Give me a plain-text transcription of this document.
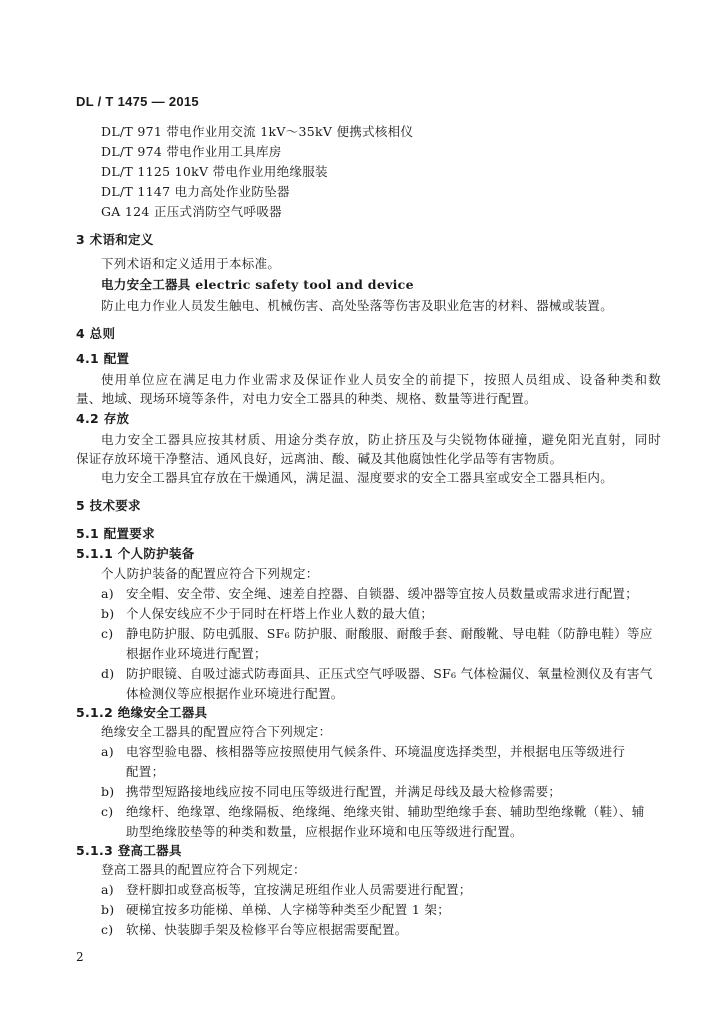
DL / T 1475 — 2015
DL/T 971 带电作业用交流 1kV～35kV 便携式核相仪
DL/T 974 带电作业用工具库房
DL/T 1125 10kV 带电作业用绝缘服装
DL/T 1147 电力高处作业防坠器
GA 124 正压式消防空气呼吸器
3 术语和定义
下列术语和定义适用于本标准。
电力安全工器具 electric safety tool and device
防止电力作业人员发生触电、机械伤害、高处坠落等伤害及职业危害的材料、器械或装置。
4 总则
4.1 配置
使用单位应在满足电力作业需求及保证作业人员安全的前提下，按照人员组成、设备种类和数
量、地域、现场环境等条件，对电力安全工器具的种类、规格、数量等进行配置。
4.2 存放
电力安全工器具应按其材质、用途分类存放，防止挤压及与尖锐物体碰撞，避免阳光直射，同时
保证存放环境干净整洁、通风良好，远离油、酸、碱及其他腐蚀性化学品等有害物质。
电力安全工器具宜存放在干燥通风，满足温、湿度要求的安全工器具室或安全工器具柜内。
5 技术要求
5.1 配置要求
5.1.1 个人防护装备
个人防护装备的配置应符合下列规定：
a) 安全帽、安全带、安全绳、速差自控器、自锁器、缓冲器等宜按人员数量或需求进行配置；
b) 个人保安线应不少于同时在杆塔上作业人数的最大值；
c) 静电防护服、防电弧服、SF₆ 防护服、耐酸服、耐酸手套、耐酸靴、导电鞋（防静电鞋）等应
根据作业环境进行配置；
d) 防护眼镜、自吸过滤式防毒面具、正压式空气呼吸器、SF₆ 气体检漏仪、氧量检测仪及有害气
体检测仪等应根据作业环境进行配置。
5.1.2 绝缘安全工器具
绝缘安全工器具的配置应符合下列规定：
a) 电容型验电器、核相器等应按照使用气候条件、环境温度选择类型，并根据电压等级进行
配置；
b) 携带型短路接地线应按不同电压等级进行配置，并满足母线及最大检修需要；
c) 绝缘杆、绝缘罩、绝缘隔板、绝缘绳、绝缘夹钳、辅助型绝缘手套、辅助型绝缘靴（鞋）、辅
助型绝缘胶垫等的种类和数量，应根据作业环境和电压等级进行配置。
5.1.3 登高工器具
登高工器具的配置应符合下列规定：
a) 登杆脚扣或登高板等，宜按满足班组作业人员需要进行配置；
b) 硬梯宜按多功能梯、单梯、人字梯等种类至少配置 1 架；
c) 软梯、快装脚手架及检修平台等应根据需要配置。
2
